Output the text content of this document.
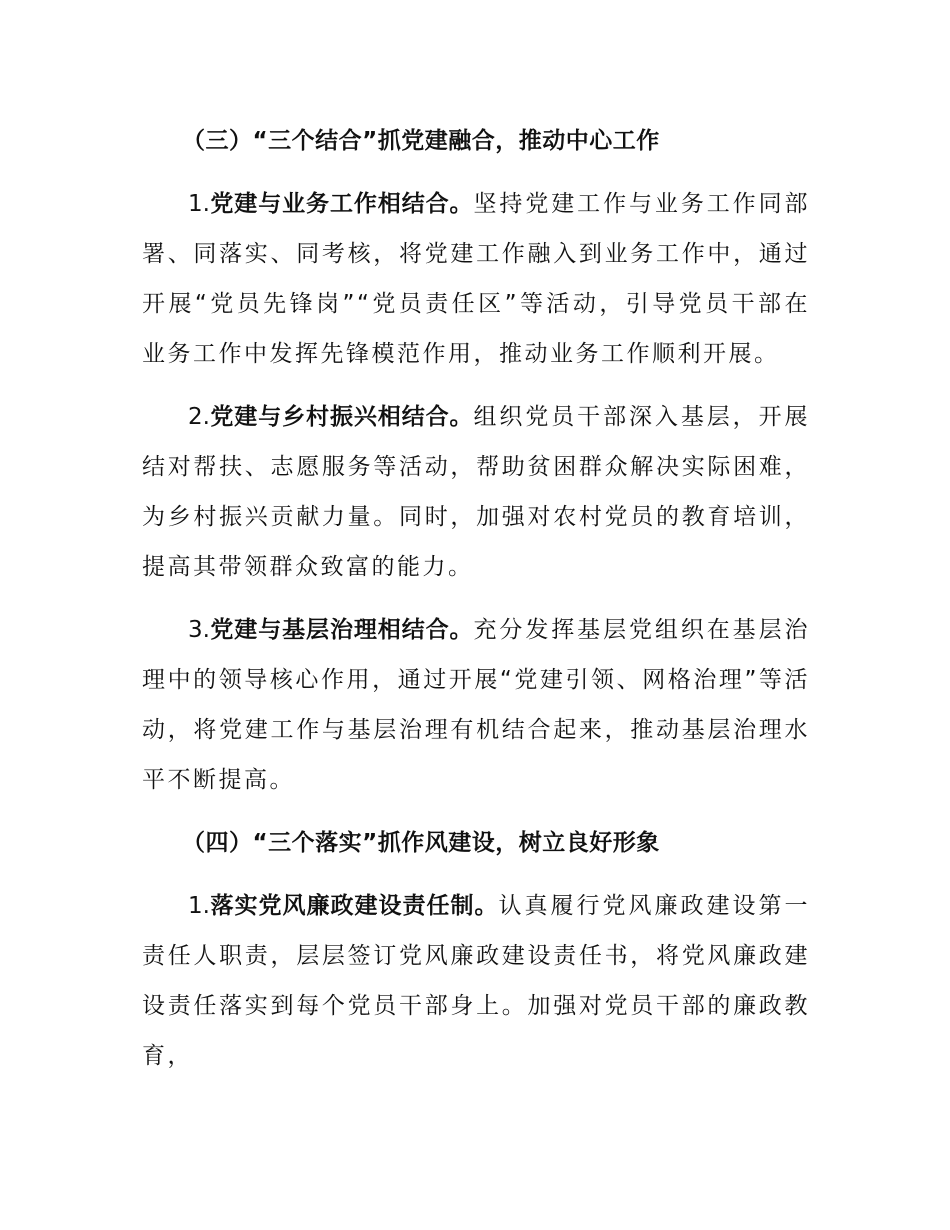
（三）“三个结合”抓党建融合，推动中心工作

1.党建与业务工作相结合。坚持党建工作与业务工作同部署、同落实、同考核，将党建工作融入到业务工作中，通过开展“党员先锋岗”“党员责任区”等活动，引导党员干部在业务工作中发挥先锋模范作用，推动业务工作顺利开展。

2.党建与乡村振兴相结合。组织党员干部深入基层，开展结对帮扶、志愿服务等活动，帮助贫困群众解决实际困难，为乡村振兴贡献力量。同时，加强对农村党员的教育培训，提高其带领群众致富的能力。

3.党建与基层治理相结合。充分发挥基层党组织在基层治理中的领导核心作用，通过开展“党建引领、网格治理”等活动，将党建工作与基层治理有机结合起来，推动基层治理水平不断提高。

（四）“三个落实”抓作风建设，树立良好形象

1.落实党风廉政建设责任制。认真履行党风廉政建设第一责任人职责，层层签订党风廉政建设责任书，将党风廉政建设责任落实到每个党员干部身上。加强对党员干部的廉政教育，
